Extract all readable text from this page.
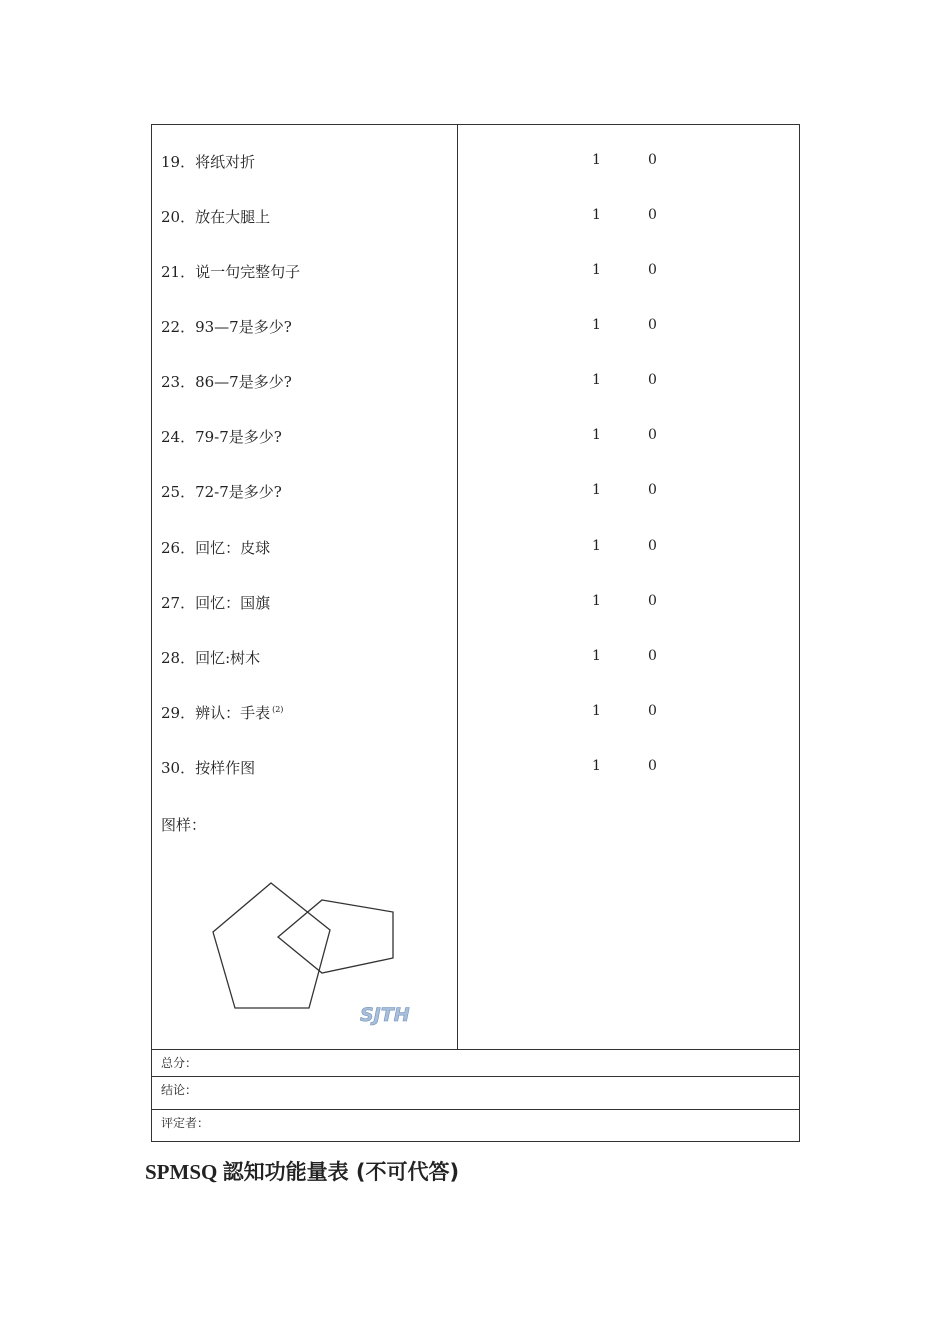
19．将纸对折	1	0
20．放在大腿上	1	0
21．说一句完整句子	1	0
22．93—7是多少?	1	0
23．86—7是多少?	1	0
24．79-7是多少?	1	0
25．72-7是多少?	1	0
26．回忆：皮球	1	0
27．回忆：国旗	1	0
28．回忆:树木	1	0
29．辨认：手表 $^{(2)}$	1	0
30．按样作图	1	0
图样：
SJTH
总分：
结论：
评定者：
SPMSQ 認知功能量表 (不可代答)
